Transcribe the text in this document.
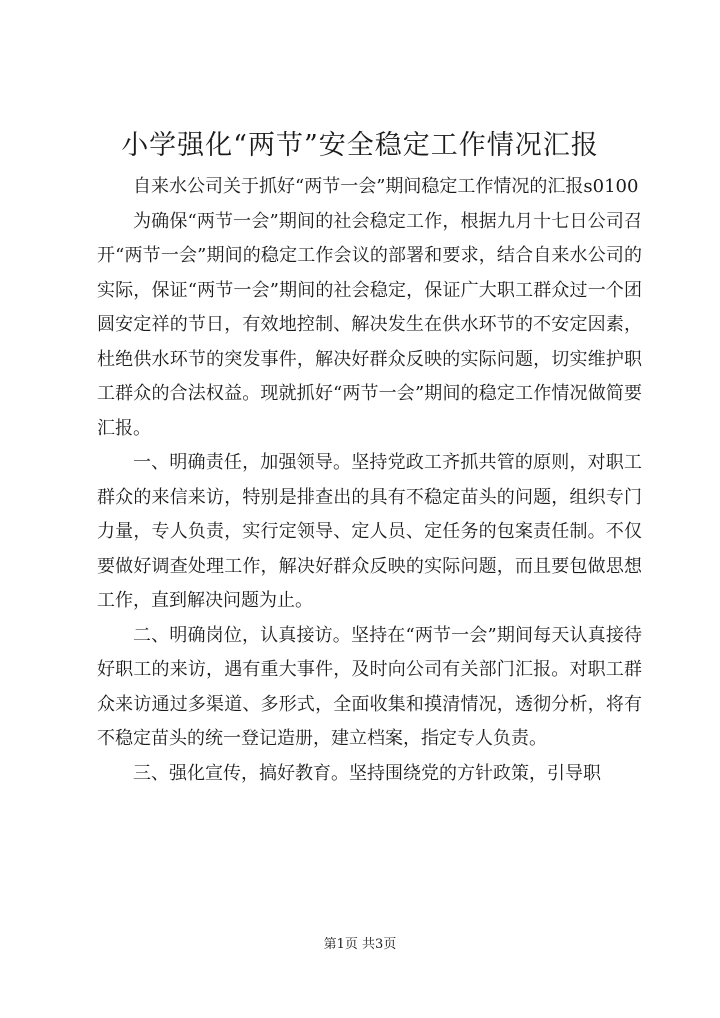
小学强化“两节”安全稳定工作情况汇报

自来水公司关于抓好“两节一会”期间稳定工作情况的汇报s0100

为确保“两节一会”期间的社会稳定工作，根据九月十七日公司召开“两节一会”期间的稳定工作会议的部署和要求，结合自来水公司的实际，保证“两节一会”期间的社会稳定，保证广大职工群众过一个团圆安定祥的节日，有效地控制、解决发生在供水环节的不安定因素，杜绝供水环节的突发事件，解决好群众反映的实际问题，切实维护职工群众的合法权益。现就抓好“两节一会”期间的稳定工作情况做简要汇报。

一、明确责任，加强领导。坚持党政工齐抓共管的原则，对职工群众的来信来访，特别是排查出的具有不稳定苗头的问题，组织专门力量，专人负责，实行定领导、定人员、定任务的包案责任制。不仅要做好调查处理工作，解决好群众反映的实际问题，而且要包做思想工作，直到解决问题为止。

二、明确岗位，认真接访。坚持在“两节一会”期间每天认真接待好职工的来访，遇有重大事件，及时向公司有关部门汇报。对职工群众来访通过多渠道、多形式，全面收集和摸清情况，透彻分析，将有不稳定苗头的统一登记造册，建立档案，指定专人负责。

三、强化宣传，搞好教育。坚持围绕党的方针政策，引导职

第1页 共3页
